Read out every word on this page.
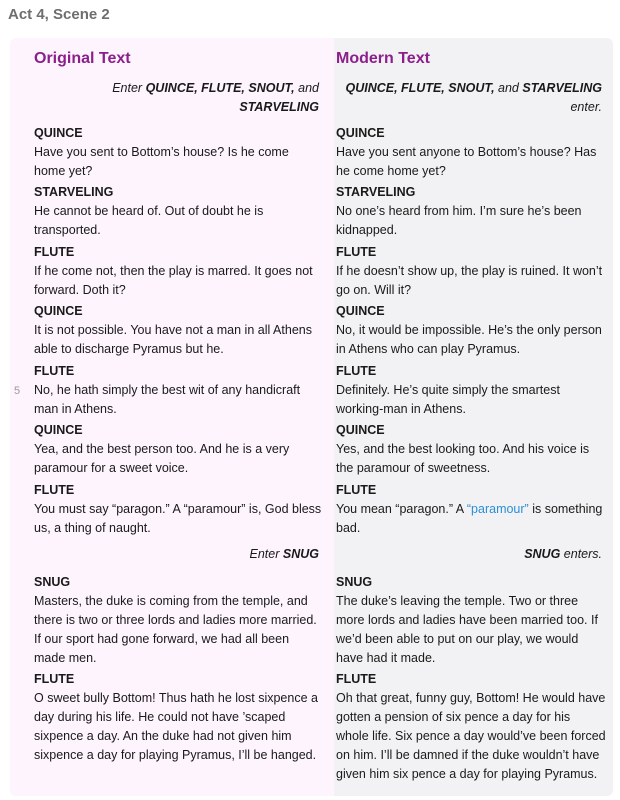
Act 4, Scene 2
Original Text	Modern Text
Enter QUINCE, FLUTE, SNOUT, and
STARVELING
QUINCE, FLUTE, SNOUT, and STARVELING
enter.
QUINCE
Have you sent to Bottom’s house? Is he come
home yet?
STARVELING
He cannot be heard of. Out of doubt he is
transported.
FLUTE
If he come not, then the play is marred. It goes not
forward. Doth it?
QUINCE
It is not possible. You have not a man in all Athens
able to discharge Pyramus but he.
5
FLUTE
No, he hath simply the best wit of any handicraft
man in Athens.
QUINCE
Yea, and the best person too. And he is a very
paramour for a sweet voice.
FLUTE
You must say “paragon.” A “paramour” is, God bless
us, a thing of naught.
Enter SNUG	SNUG enters.
SNUG
Masters, the duke is coming from the temple, and
there is two or three lords and ladies more married.
If our sport had gone forward, we had all been
made men.
FLUTE
O sweet bully Bottom! Thus hath he lost sixpence a
day during his life. He could not have ’scaped
sixpence a day. An the duke had not given him
sixpence a day for playing Pyramus, I’ll be hanged.
QUINCE
Have you sent anyone to Bottom’s house? Has
he come home yet?
STARVELING
No one’s heard from him. I’m sure he’s been
kidnapped.
FLUTE
If he doesn’t show up, the play is ruined. It won’t
go on. Will it?
QUINCE
No, it would be impossible. He’s the only person
in Athens who can play Pyramus.
FLUTE
Definitely. He’s quite simply the smartest
working-man in Athens.
QUINCE
Yes, and the best looking too. And his voice is
the paramour of sweetness.
FLUTE
You mean “paragon.” A “paramour” is something
bad.
SNUG
The duke’s leaving the temple. Two or three
more lords and ladies have been married too. If
we’d been able to put on our play, we would
have had it made.
FLUTE
Oh that great, funny guy, Bottom! He would have
gotten a pension of six pence a day for his
whole life. Six pence a day would’ve been forced
on him. I’ll be damned if the duke wouldn’t have
given him six pence a day for playing Pyramus.
